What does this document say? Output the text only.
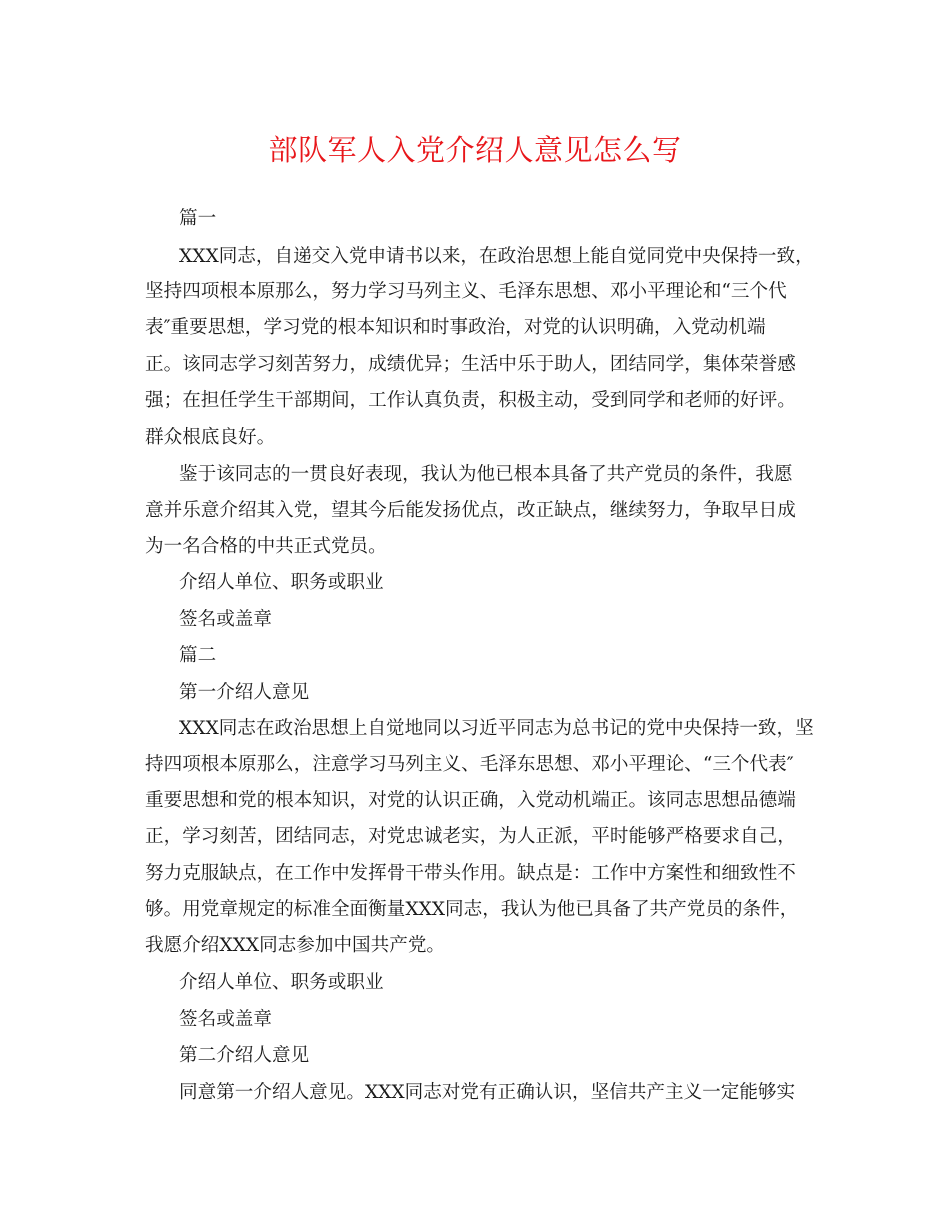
部队军人入党介绍人意见怎么写
篇一
XXX同志，自递交入党申请书以来，在政治思想上能自觉同党中央保持一致，
坚持四项根本原那么，努力学习马列主义、毛泽东思想、邓小平理论和“三个代
表″重要思想，学习党的根本知识和时事政治，对党的认识明确，入党动机端
正。该同志学习刻苦努力，成绩优异；生活中乐于助人，团结同学，集体荣誉感
强；在担任学生干部期间，工作认真负责，积极主动，受到同学和老师的好评。
群众根底良好。
鉴于该同志的一贯良好表现，我认为他已根本具备了共产党员的条件，我愿
意并乐意介绍其入党，望其今后能发扬优点，改正缺点，继续努力，争取早日成
为一名合格的中共正式党员。
介绍人单位、职务或职业
签名或盖章
篇二
第一介绍人意见
XXX同志在政治思想上自觉地同以习近平同志为总书记的党中央保持一致，坚
持四项根本原那么，注意学习马列主义、毛泽东思想、邓小平理论、“三个代表″
重要思想和党的根本知识，对党的认识正确，入党动机端正。该同志思想品德端
正，学习刻苦，团结同志，对党忠诚老实，为人正派，平时能够严格要求自己，
努力克服缺点，在工作中发挥骨干带头作用。缺点是：工作中方案性和细致性不
够。用党章规定的标准全面衡量XXX同志，我认为他已具备了共产党员的条件，
我愿介绍XXX同志参加中国共产党。
介绍人单位、职务或职业
签名或盖章
第二介绍人意见
同意第一介绍人意见。XXX同志对党有正确认识，坚信共产主义一定能够实
